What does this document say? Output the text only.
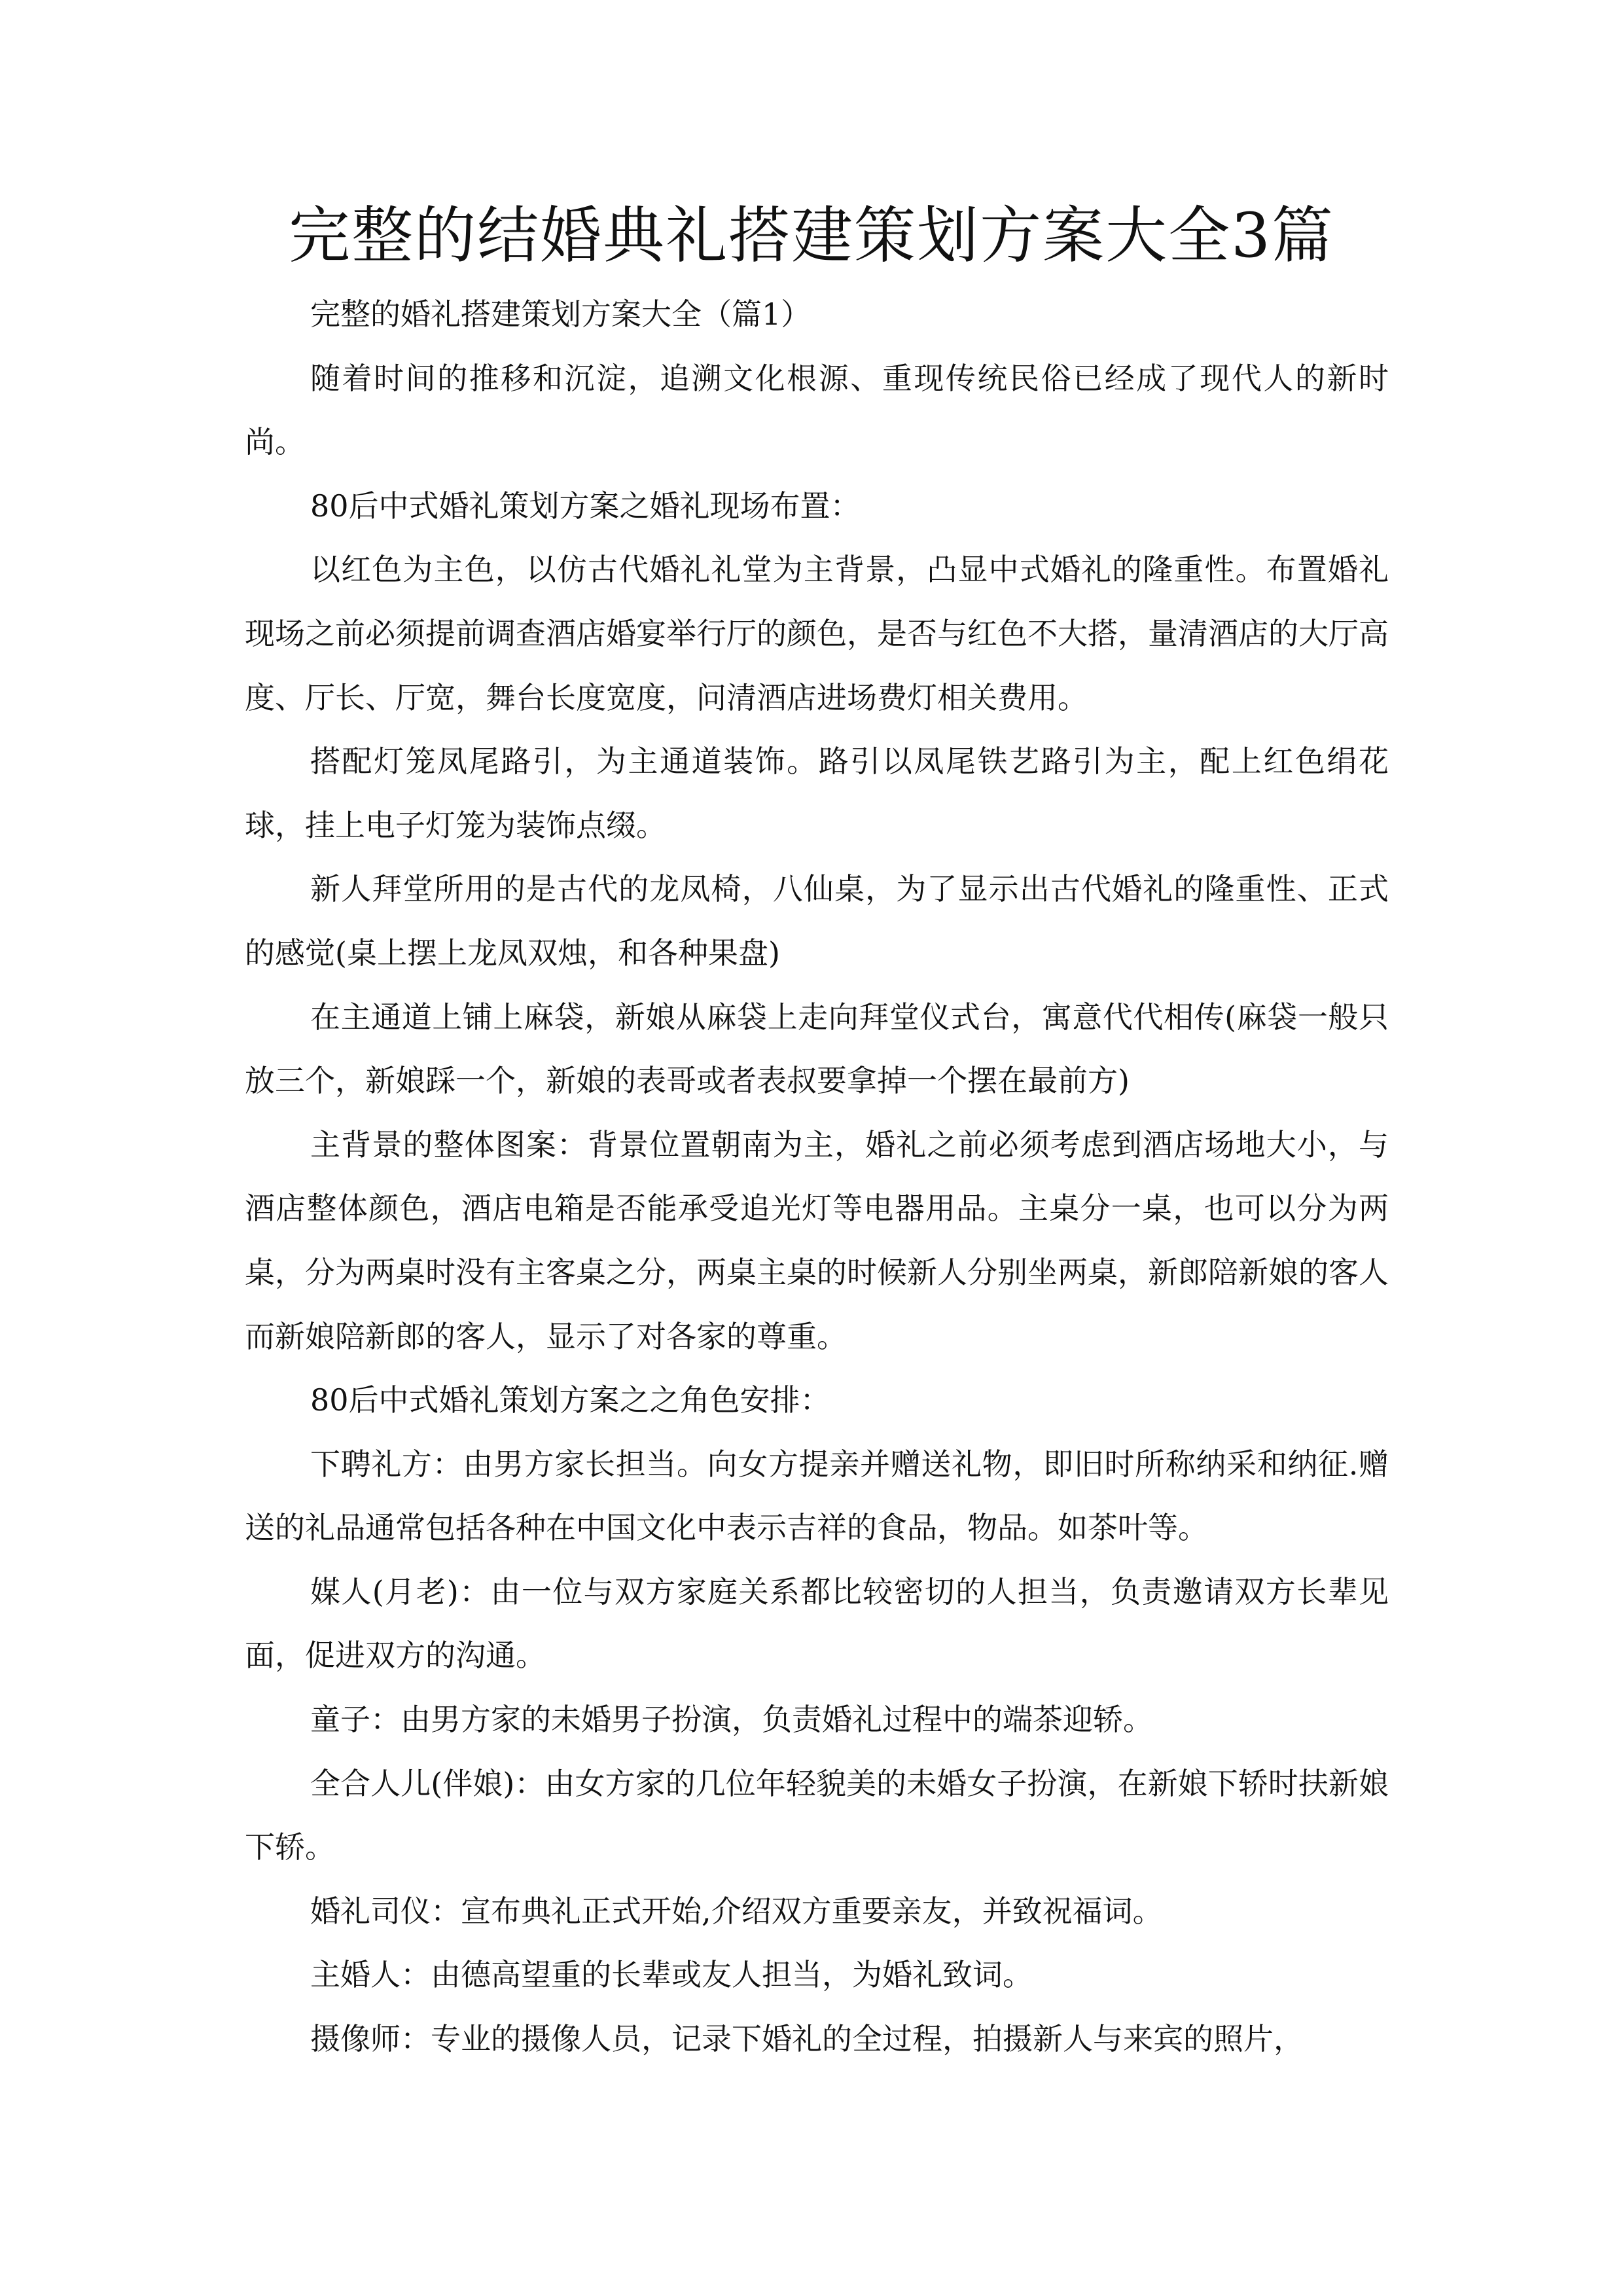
完整的结婚典礼搭建策划方案大全3篇

完整的婚礼搭建策划方案大全（篇1）

随着时间的推移和沉淀，追溯文化根源、重现传统民俗已经成了现代人的新时尚。

80后中式婚礼策划方案之婚礼现场布置：

以红色为主色，以仿古代婚礼礼堂为主背景，凸显中式婚礼的隆重性。布置婚礼现场之前必须提前调查酒店婚宴举行厅的颜色，是否与红色不大搭，量清酒店的大厅高度、厅长、厅宽，舞台长度宽度，问清酒店进场费灯相关费用。

搭配灯笼凤尾路引，为主通道装饰。路引以凤尾铁艺路引为主，配上红色绢花球，挂上电子灯笼为装饰点缀。

新人拜堂所用的是古代的龙凤椅，八仙桌，为了显示出古代婚礼的隆重性、正式的感觉(桌上摆上龙凤双烛，和各种果盘)

在主通道上铺上麻袋，新娘从麻袋上走向拜堂仪式台，寓意代代相传(麻袋一般只放三个，新娘踩一个，新娘的表哥或者表叔要拿掉一个摆在最前方)

主背景的整体图案：背景位置朝南为主，婚礼之前必须考虑到酒店场地大小，与酒店整体颜色，酒店电箱是否能承受追光灯等电器用品。主桌分一桌，也可以分为两桌，分为两桌时没有主客桌之分，两桌主桌的时候新人分别坐两桌，新郎陪新娘的客人而新娘陪新郎的客人，显示了对各家的尊重。

80后中式婚礼策划方案之之角色安排：

下聘礼方：由男方家长担当。向女方提亲并赠送礼物，即旧时所称纳采和纳征.赠送的礼品通常包括各种在中国文化中表示吉祥的食品，物品。如茶叶等。

媒人(月老)：由一位与双方家庭关系都比较密切的人担当，负责邀请双方长辈见面，促进双方的沟通。

童子：由男方家的未婚男子扮演，负责婚礼过程中的端茶迎轿。

全合人儿(伴娘)：由女方家的几位年轻貌美的未婚女子扮演，在新娘下轿时扶新娘下轿。

婚礼司仪：宣布典礼正式开始,介绍双方重要亲友，并致祝福词。

主婚人：由德高望重的长辈或友人担当，为婚礼致词。

摄像师：专业的摄像人员，记录下婚礼的全过程，拍摄新人与来宾的照片，
